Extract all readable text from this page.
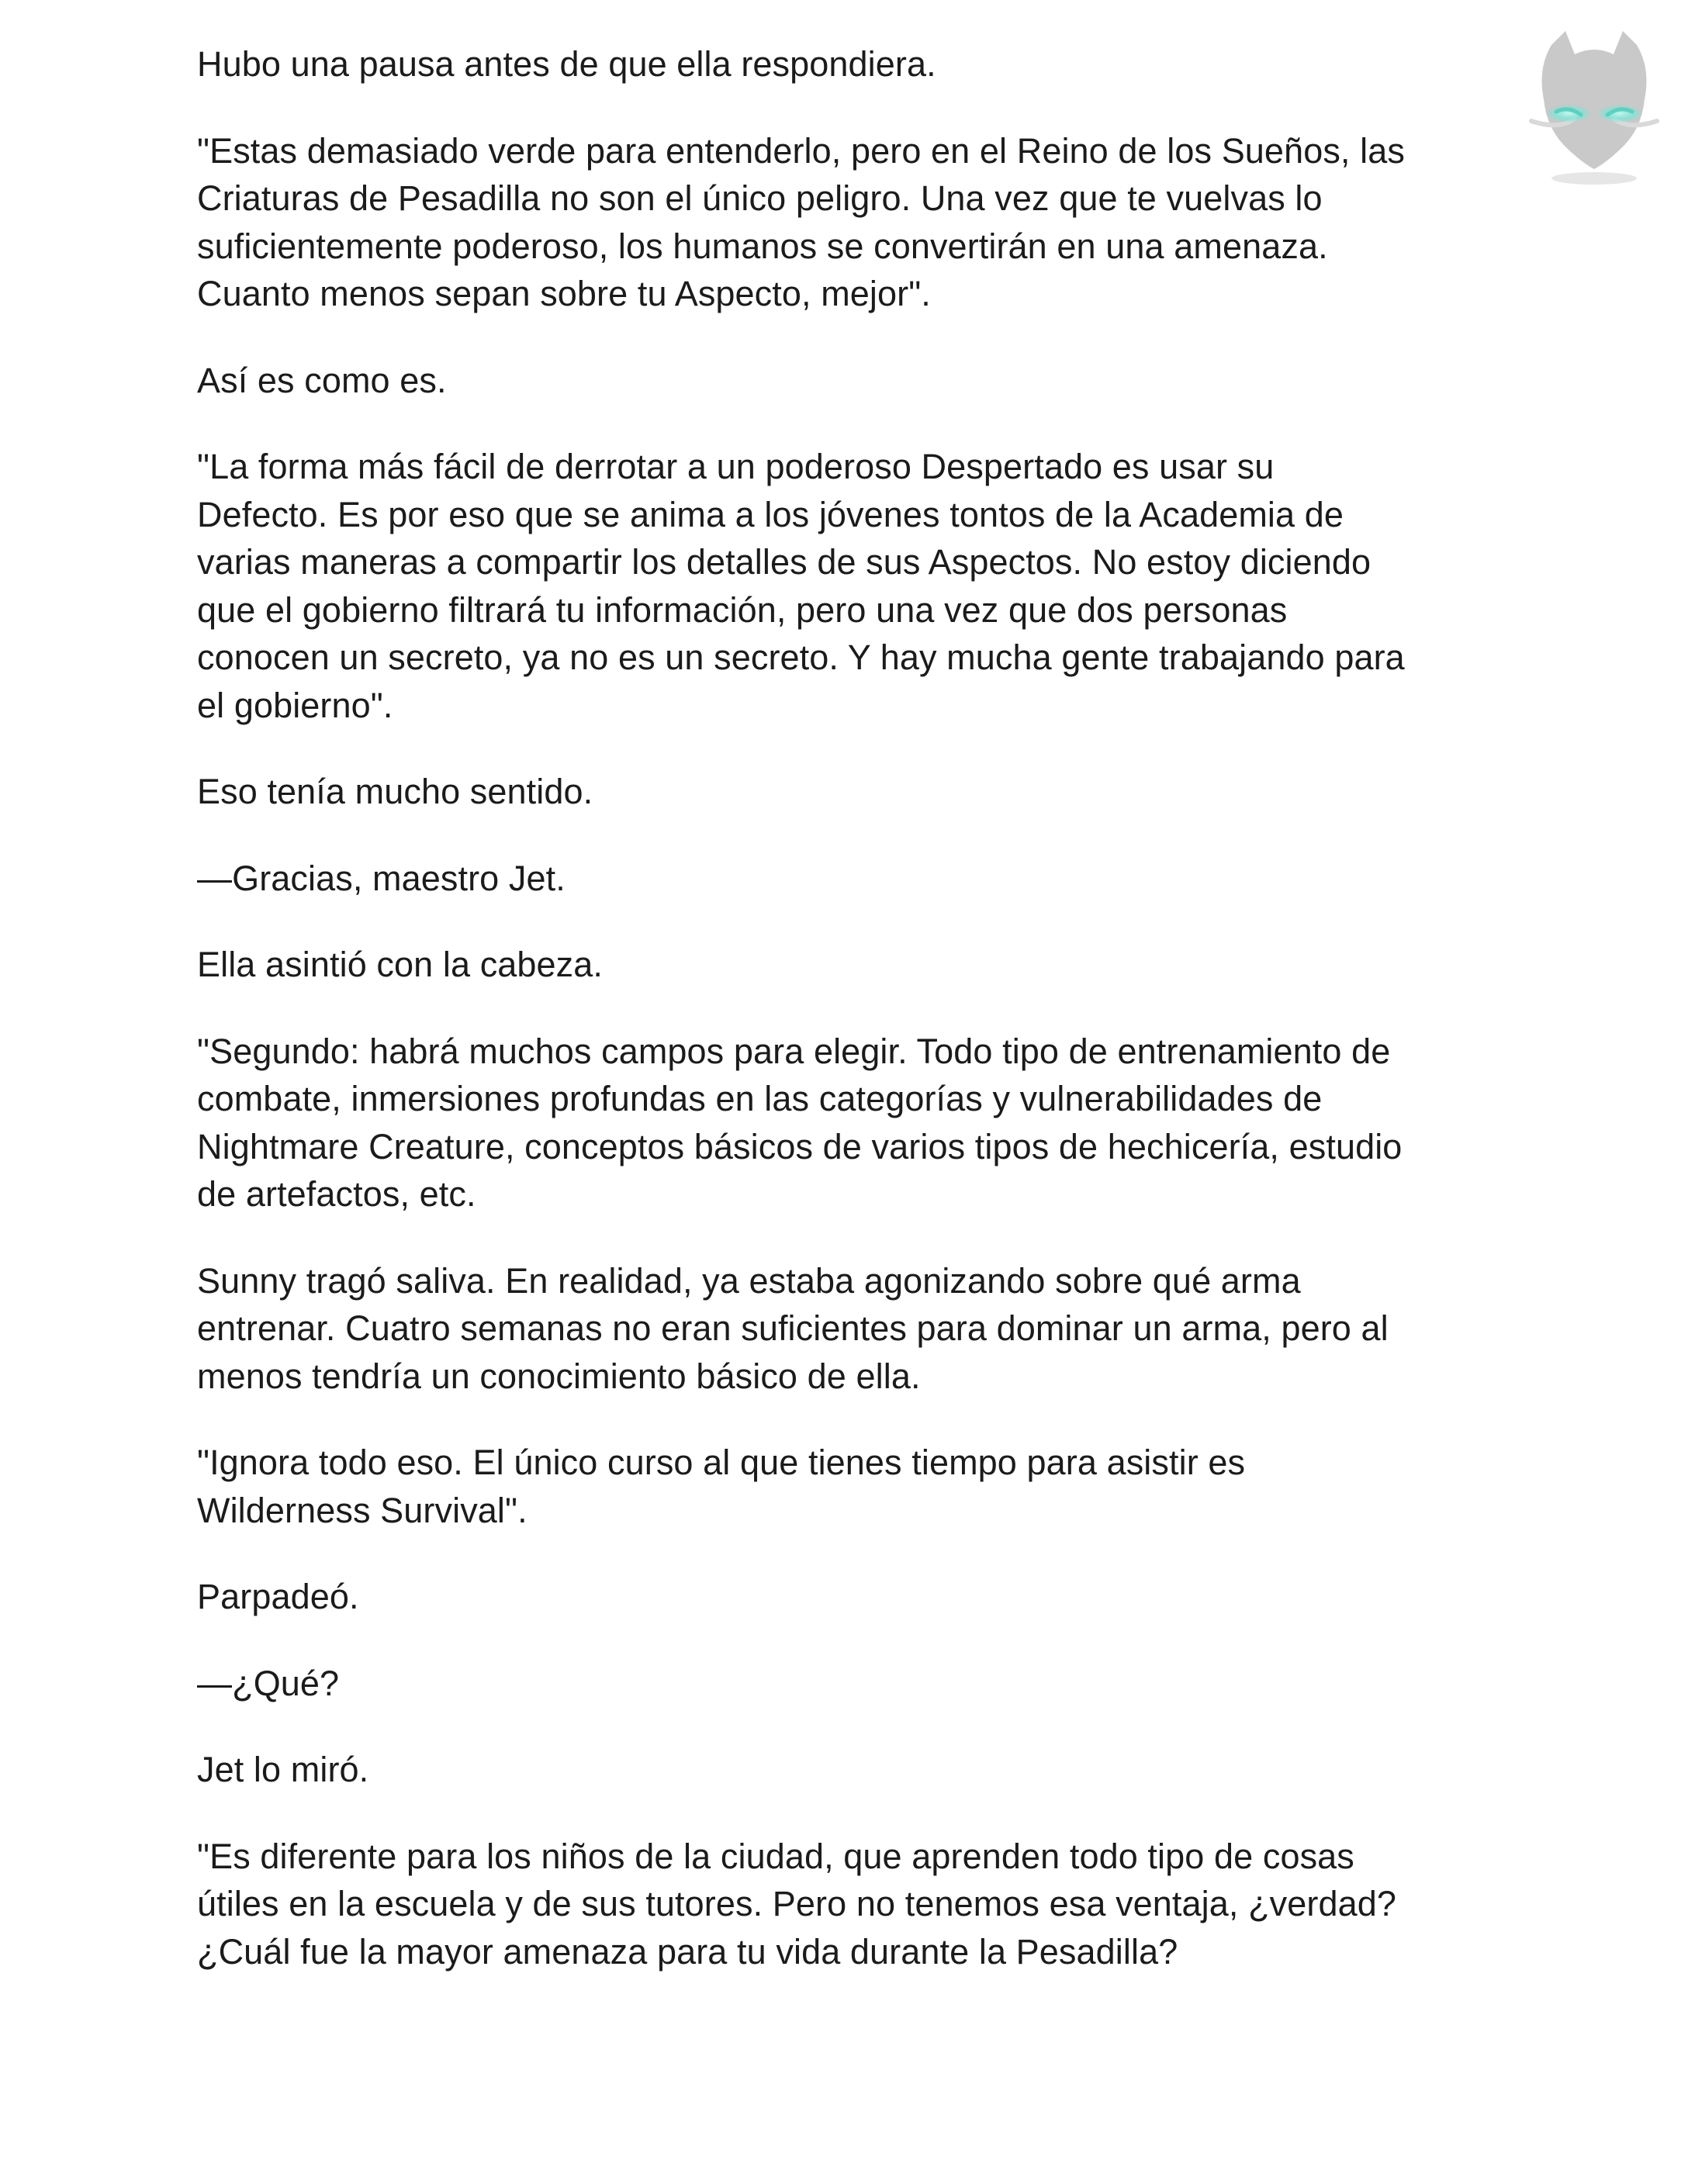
Hubo una pausa antes de que ella respondiera.

"Estas demasiado verde para entenderlo, pero en el Reino de los Sueños, las
Criaturas de Pesadilla no son el único peligro. Una vez que te vuelvas lo
suficientemente poderoso, los humanos se convertirán en una amenaza.
Cuanto menos sepan sobre tu Aspecto, mejor".

Así es como es.

"La forma más fácil de derrotar a un poderoso Despertado es usar su
Defecto. Es por eso que se anima a los jóvenes tontos de la Academia de
varias maneras a compartir los detalles de sus Aspectos. No estoy diciendo
que el gobierno filtrará tu información, pero una vez que dos personas
conocen un secreto, ya no es un secreto. Y hay mucha gente trabajando para
el gobierno".

Eso tenía mucho sentido.

—Gracias, maestro Jet.

Ella asintió con la cabeza.

"Segundo: habrá muchos campos para elegir. Todo tipo de entrenamiento de
combate, inmersiones profundas en las categorías y vulnerabilidades de
Nightmare Creature, conceptos básicos de varios tipos de hechicería, estudio
de artefactos, etc.

Sunny tragó saliva. En realidad, ya estaba agonizando sobre qué arma
entrenar. Cuatro semanas no eran suficientes para dominar un arma, pero al
menos tendría un conocimiento básico de ella.

"Ignora todo eso. El único curso al que tienes tiempo para asistir es
Wilderness Survival".

Parpadeó.

—¿Qué?

Jet lo miró.

"Es diferente para los niños de la ciudad, que aprenden todo tipo de cosas
útiles en la escuela y de sus tutores. Pero no tenemos esa ventaja, ¿verdad?
¿Cuál fue la mayor amenaza para tu vida durante la Pesadilla?
